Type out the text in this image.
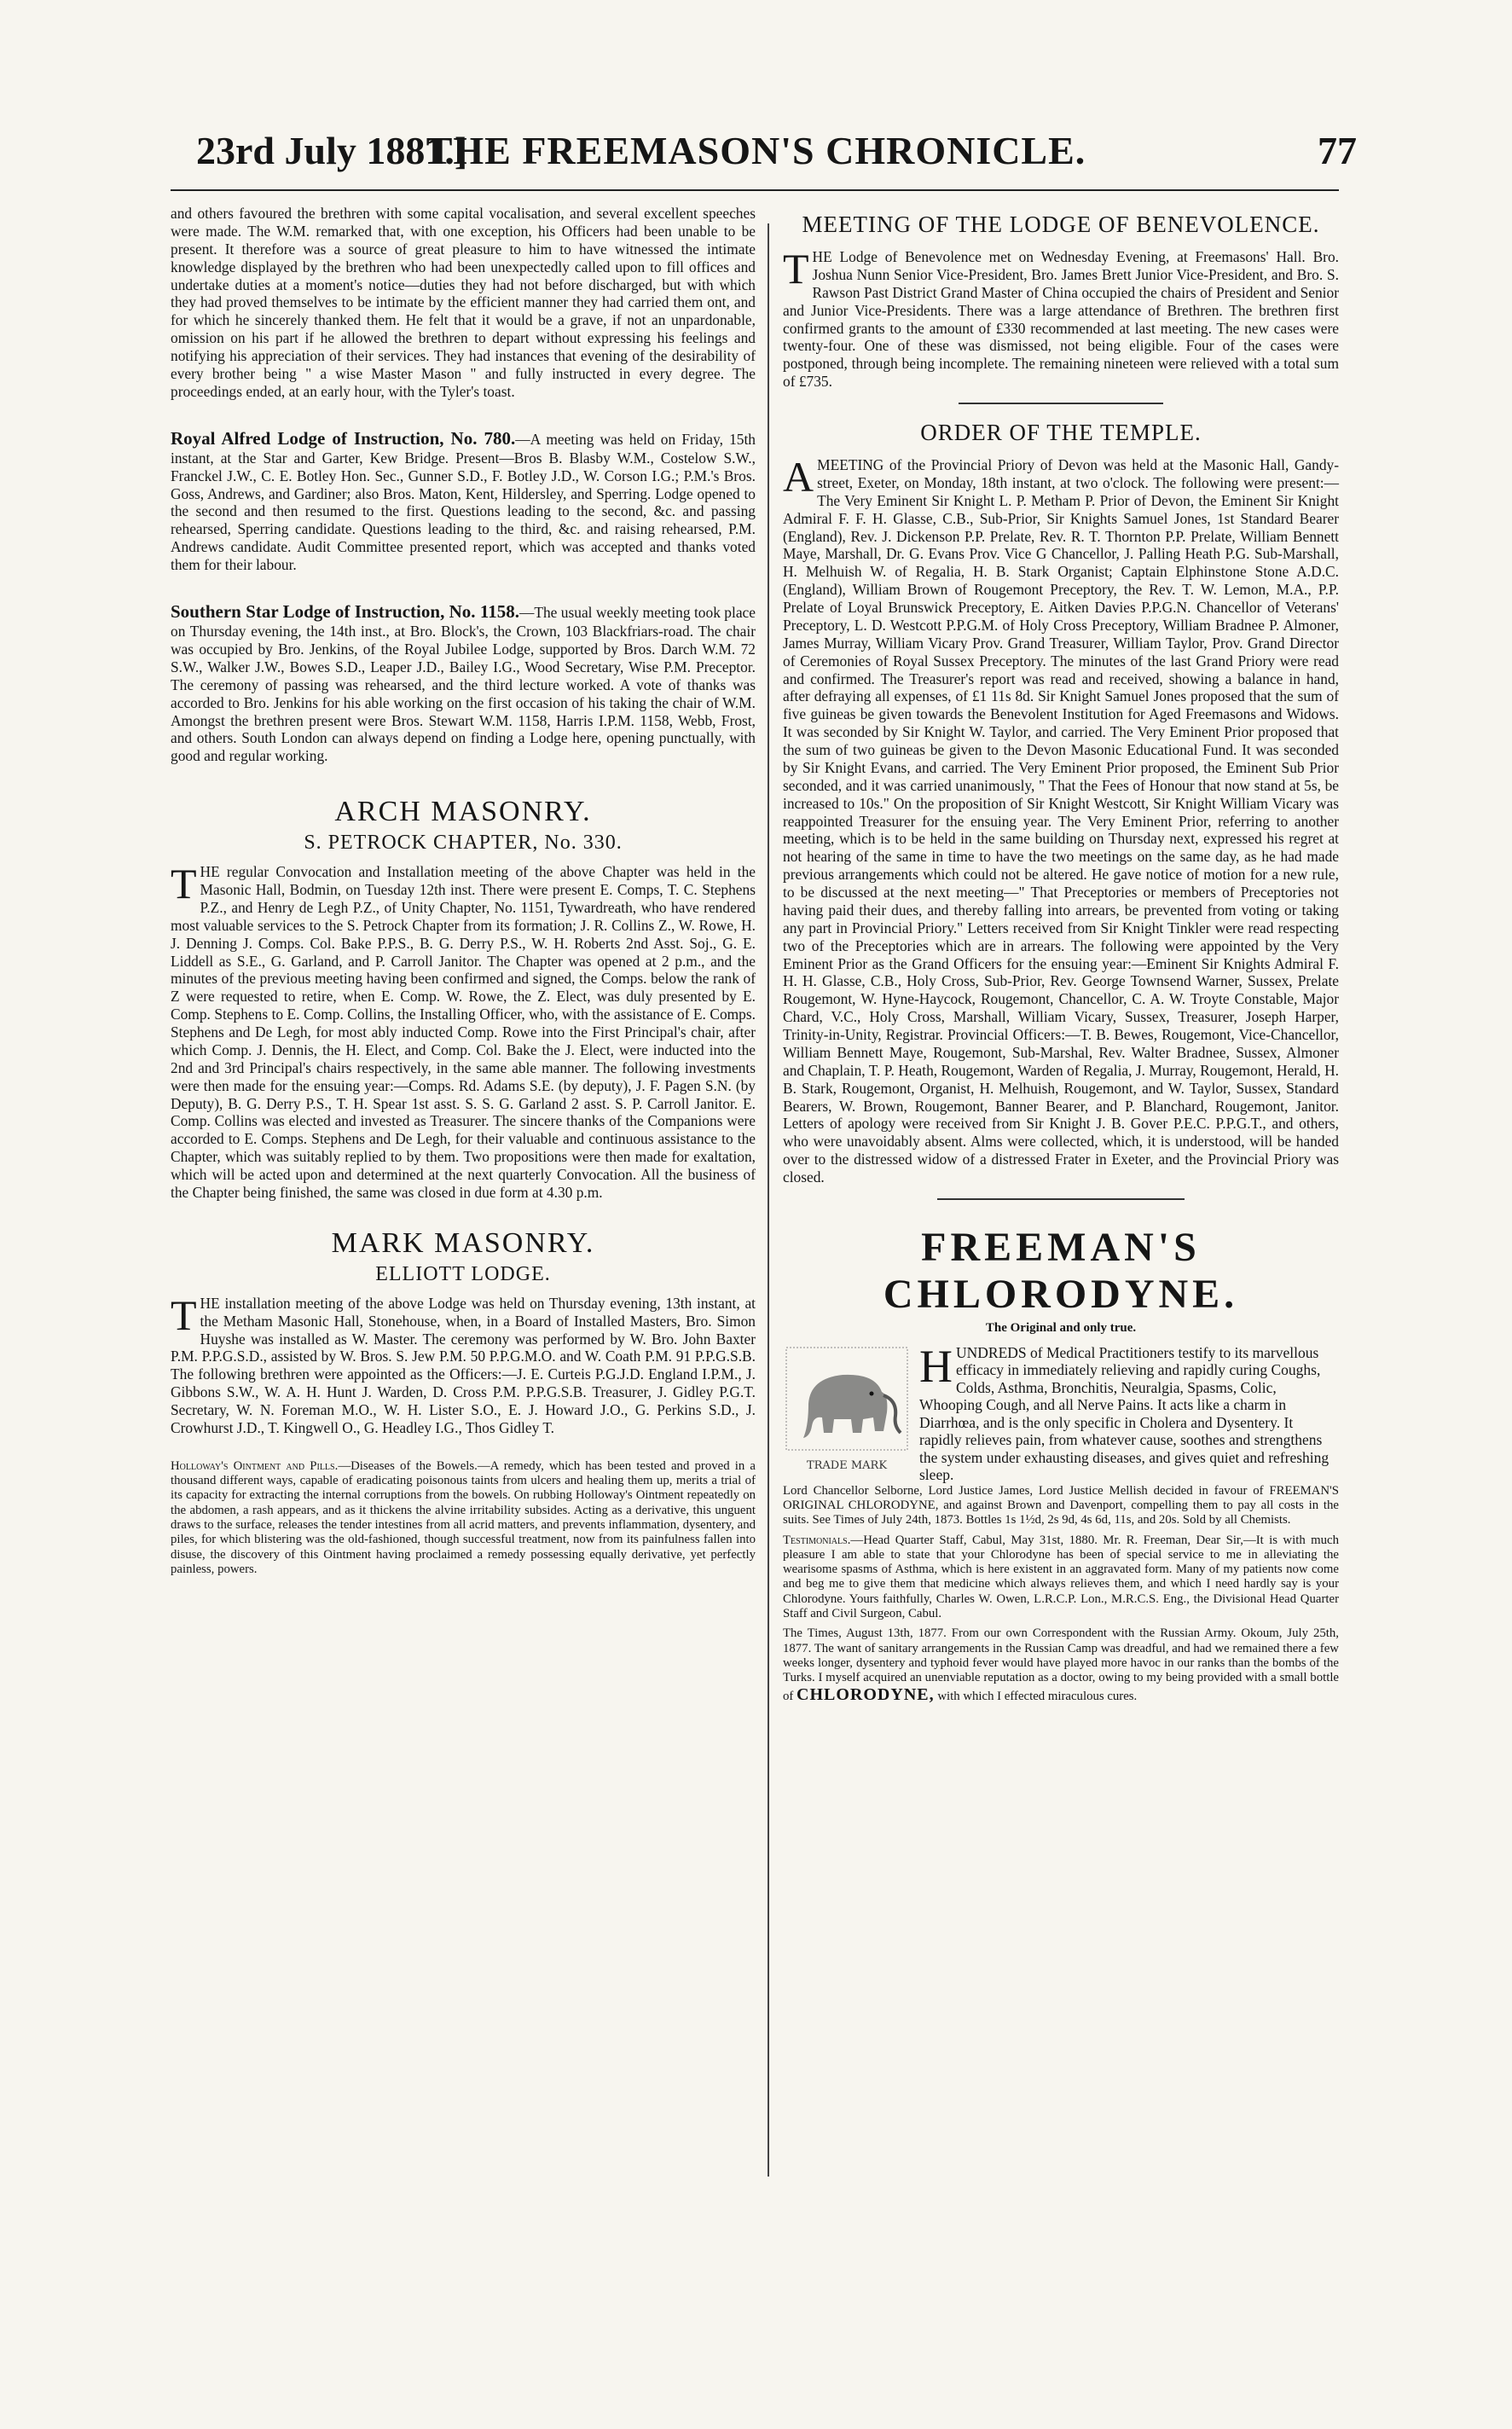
23rd July 1881.]
THE FREEMASON'S CHRONICLE.	77

and others favoured the brethren with some capital vocalisation, and several excellent speeches were made. The W.M. remarked that, with one exception, his Officers had been unable to be present. It therefore was a source of great pleasure to him to have witnessed the intimate knowledge displayed by the brethren who had been unexpectedly called upon to fill offices and undertake duties at a moment's notice—duties they had not before discharged, but with which they had proved themselves to be intimate by the efficient manner they had carried them ont, and for which he sincerely thanked them. He felt that it would be a grave, if not an unpardonable, omission on his part if he allowed the brethren to depart without expressing his feelings and notifying his appreciation of their services. They had instances that evening of the desirability of every brother being " a wise Master Mason " and fully instructed in every degree. The proceedings ended, at an early hour, with the Tyler's toast.

Royal Alfred Lodge of Instruction, No. 780.—A meeting was held on Friday, 15th instant, at the Star and Garter, Kew Bridge. Present—Bros B. Blasby W.M., Costelow S.W., Franckel J.W., C. E. Botley Hon. Sec., Gunner S.D., F. Botley J.D., W. Corson I.G.; P.M.'s Bros. Goss, Andrews, and Gardiner; also Bros. Maton, Kent, Hildersley, and Sperring. Lodge opened to the second and then resumed to the first. Questions leading to the second, &c. and passing rehearsed, Sperring candidate. Questions leading to the third, &c. and raising rehearsed, P.M. Andrews candidate. Audit Committee presented report, which was accepted and thanks voted them for their labour.

Southern Star Lodge of Instruction, No. 1158.—The usual weekly meeting took place on Thursday evening, the 14th inst., at Bro. Block's, the Crown, 103 Blackfriars-road. The chair was occupied by Bro. Jenkins, of the Royal Jubilee Lodge, supported by Bros. Darch W.M. 72 S.W., Walker J.W., Bowes S.D., Leaper J.D., Bailey I.G., Wood Secretary, Wise P.M. Preceptor. The ceremony of passing was rehearsed, and the third lecture worked. A vote of thanks was accorded to Bro. Jenkins for his able working on the first occasion of his taking the chair of W.M. Amongst the brethren present were Bros. Stewart W.M. 1158, Harris I.P.M. 1158, Webb, Frost, and others. South London can always depend on finding a Lodge here, opening punctually, with good and regular working.

ARCH MASONRY.
S. PETROCK CHAPTER, No. 330.

THE regular Convocation and Installation meeting of the above Chapter was held in the Masonic Hall, Bodmin, on Tuesday 12th inst. There were present E. Comps, T. C. Stephens P.Z., and Henry de Legh P.Z., of Unity Chapter, No. 1151, Tywardreath, who have rendered most valuable services to the S. Petrock Chapter from its formation; J. R. Collins Z., W. Rowe, H. J. Denning J. Comps. Col. Bake P.P.S., B. G. Derry P.S., W. H. Roberts 2nd Asst. Soj., G. E. Liddell as S.E., G. Garland, and P. Carroll Janitor. The Chapter was opened at 2 p.m., and the minutes of the previous meeting having been confirmed and signed, the Comps. below the rank of Z were requested to retire, when E. Comp. W. Rowe, the Z. Elect, was duly presented by E. Comp. Stephens to E. Comp. Collins, the Installing Officer, who, with the assistance of E. Comps. Stephens and De Legh, for most ably inducted Comp. Rowe into the First Principal's chair, after which Comp. J. Dennis, the H. Elect, and Comp. Col. Bake the J. Elect, were inducted into the 2nd and 3rd Principal's chairs respectively, in the same able manner. The following investments were then made for the ensuing year:—Comps. Rd. Adams S.E. (by deputy), J. F. Pagen S.N. (by Deputy), B. G. Derry P.S., T. H. Spear 1st asst. S. S. G. Garland 2 asst. S. P. Carroll Janitor. E. Comp. Collins was elected and invested as Treasurer. The sincere thanks of the Companions were accorded to E. Comps. Stephens and De Legh, for their valuable and continuous assistance to the Chapter, which was suitably replied to by them. Two propositions were then made for exaltation, which will be acted upon and determined at the next quarterly Convocation. All the business of the Chapter being finished, the same was closed in due form at 4.30 p.m.

MARK MASONRY.
ELLIOTT LODGE.

THE installation meeting of the above Lodge was held on Thursday evening, 13th instant, at the Metham Masonic Hall, Stonehouse, when, in a Board of Installed Masters, Bro. Simon Huyshe was installed as W. Master. The ceremony was performed by W. Bro. John Baxter P.M. P.P.G.S.D., assisted by W. Bros. S. Jew P.M. 50 P.P.G.M.O. and W. Coath P.M. 91 P.P.G.S.B. The following brethren were appointed as the Officers:—J. E. Curteis P.G.J.D. England I.P.M., J. Gibbons S.W., W. A. H. Hunt J. Warden, D. Cross P.M. P.P.G.S.B. Treasurer, J. Gidley P.G.T. Secretary, W. N. Foreman M.O., W. H. Lister S.O., E. J. Howard J.O., G. Perkins S.D., J. Crowhurst J.D., T. Kingwell O., G. Headley I.G., Thos Gidley T.

Holloway's Ointment and Pills.—Diseases of the Bowels.—A remedy, which has been tested and proved in a thousand different ways, capable of eradicating poisonous taints from ulcers and healing them up, merits a trial of its capacity for extracting the internal corruptions from the bowels. On rubbing Holloway's Ointment repeatedly on the abdomen, a rash appears, and as it thickens the alvine irritability subsides. Acting as a derivative, this unguent draws to the surface, releases the tender intestines from all acrid matters, and prevents inflammation, dysentery, and piles, for which blistering was the old-fashioned, though successful treatment, now from its painfulness fallen into disuse, the discovery of this Ointment having proclaimed a remedy possessing equally derivative, yet perfectly painless, powers.

MEETING OF THE LODGE OF BENEVOLENCE.

THE Lodge of Benevolence met on Wednesday Evening, at Freemasons' Hall. Bro. Joshua Nunn Senior Vice-President, Bro. James Brett Junior Vice-President, and Bro. S. Rawson Past District Grand Master of China occupied the chairs of President and Senior and Junior Vice-Presidents. There was a large attendance of Brethren. The brethren first confirmed grants to the amount of £330 recommended at last meeting. The new cases were twenty-four. One of these was dismissed, not being eligible. Four of the cases were postponed, through being incomplete. The remaining nineteen were relieved with a total sum of £735.

ORDER OF THE TEMPLE.

AMEETING of the Provincial Priory of Devon was held at the Masonic Hall, Gandy-street, Exeter, on Monday, 18th instant, at two o'clock. The following were present:—The Very Eminent Sir Knight L. P. Metham P. Prior of Devon, the Eminent Sir Knight Admiral F. F. H. Glasse, C.B., Sub-Prior, Sir Knights Samuel Jones, 1st Standard Bearer (England), Rev. J. Dickenson P.P. Prelate, Rev. R. T. Thornton P.P. Prelate, William Bennett Maye, Marshall, Dr. G. Evans Prov. Vice G Chancellor, J. Palling Heath P.G. Sub-Marshall, H. Melhuish W. of Regalia, H. B. Stark Organist; Captain Elphinstone Stone A.D.C. (England), William Brown of Rougemont Preceptory, the Rev. T. W. Lemon, M.A., P.P. Prelate of Loyal Brunswick Preceptory, E. Aitken Davies P.P.G.N. Chancellor of Veterans' Preceptory, L. D. Westcott P.P.G.M. of Holy Cross Preceptory, William Bradnee P. Almoner, James Murray, William Vicary Prov. Grand Treasurer, William Taylor, Prov. Grand Director of Ceremonies of Royal Sussex Preceptory. The minutes of the last Grand Priory were read and confirmed. The Treasurer's report was read and received, showing a balance in hand, after defraying all expenses, of £1 11s 8d. Sir Knight Samuel Jones proposed that the sum of five guineas be given towards the Benevolent Institution for Aged Freemasons and Widows. It was seconded by Sir Knight W. Taylor, and carried. The Very Eminent Prior proposed that the sum of two guineas be given to the Devon Masonic Educational Fund. It was seconded by Sir Knight Evans, and carried. The Very Eminent Prior proposed, the Eminent Sub Prior seconded, and it was carried unanimously, " That the Fees of Honour that now stand at 5s, be increased to 10s." On the proposition of Sir Knight Westcott, Sir Knight William Vicary was reappointed Treasurer for the ensuing year. The Very Eminent Prior, referring to another meeting, which is to be held in the same building on Thursday next, expressed his regret at not hearing of the same in time to have the two meetings on the same day, as he had made previous arrangements which could not be altered. He gave notice of motion for a new rule, to be discussed at the next meeting—" That Preceptories or members of Preceptories not having paid their dues, and thereby falling into arrears, be prevented from voting or taking any part in Provincial Priory." Letters received from Sir Knight Tinkler were read respecting two of the Preceptories which are in arrears. The following were appointed by the Very Eminent Prior as the Grand Officers for the ensuing year:—Eminent Sir Knights Admiral F. H. H. Glasse, C.B., Holy Cross, Sub-Prior, Rev. George Townsend Warner, Sussex, Prelate Rougemont, W. Hyne-Haycock, Rougemont, Chancellor, C. A. W. Troyte Constable, Major Chard, V.C., Holy Cross, Marshall, William Vicary, Sussex, Treasurer, Joseph Harper, Trinity-in-Unity, Registrar. Provincial Officers:—T. B. Bewes, Rougemont, Vice-Chancellor, William Bennett Maye, Rougemont, Sub-Marshal, Rev. Walter Bradnee, Sussex, Almoner and Chaplain, T. P. Heath, Rougemont, Warden of Regalia, J. Murray, Rougemont, Herald, H. B. Stark, Rougemont, Organist, H. Melhuish, Rougemont, and W. Taylor, Sussex, Standard Bearers, W. Brown, Rougemont, Banner Bearer, and P. Blanchard, Rougemont, Janitor. Letters of apology were received from Sir Knight J. B. Gover P.E.C. P.P.G.T., and others, who were unavoidably absent. Alms were collected, which, it is understood, will be handed over to the distressed widow of a distressed Frater in Exeter, and the Provincial Priory was closed.

FREEMAN'S CHLORODYNE.
The Original and only true.
TRADE MARK
HUNDREDS of Medical Practitioners testify to its marvellous efficacy in immediately relieving and rapidly curing Coughs, Colds, Asthma, Bronchitis, Neuralgia, Spasms, Colic, Whooping Cough, and all Nerve Pains. It acts like a charm in Diarrhœa, and is the only specific in Cholera and Dysentery. It rapidly relieves pain, from whatever cause, soothes and strengthens the system under exhausting diseases, and gives quiet and refreshing sleep.

Lord Chancellor Selborne, Lord Justice James, Lord Justice Mellish decided in favour of FREEMAN'S ORIGINAL CHLORODYNE, and against Brown and Davenport, compelling them to pay all costs in the suits. See Times of July 24th, 1873. Bottles 1s 1½d, 2s 9d, 4s 6d, 11s, and 20s. Sold by all Chemists.

Testimonials.—Head Quarter Staff, Cabul, May 31st, 1880. Mr. R. Freeman, Dear Sir,—It is with much pleasure I am able to state that your Chlorodyne has been of special service to me in alleviating the wearisome spasms of Asthma, which is here existent in an aggravated form. Many of my patients now come and beg me to give them that medicine which always relieves them, and which I need hardly say is your Chlorodyne. Yours faithfully, Charles W. Owen, L.R.C.P. Lon., M.R.C.S. Eng., the Divisional Head Quarter Staff and Civil Surgeon, Cabul.

The Times, August 13th, 1877. From our own Correspondent with the Russian Army. Okoum, July 25th, 1877. The want of sanitary arrangements in the Russian Camp was dreadful, and had we remained there a few weeks longer, dysentery and typhoid fever would have played more havoc in our ranks than the bombs of the Turks. I myself acquired an unenviable reputation as a doctor, owing to my being provided with a small bottle of CHLORODYNE, with which I effected miraculous cures.
